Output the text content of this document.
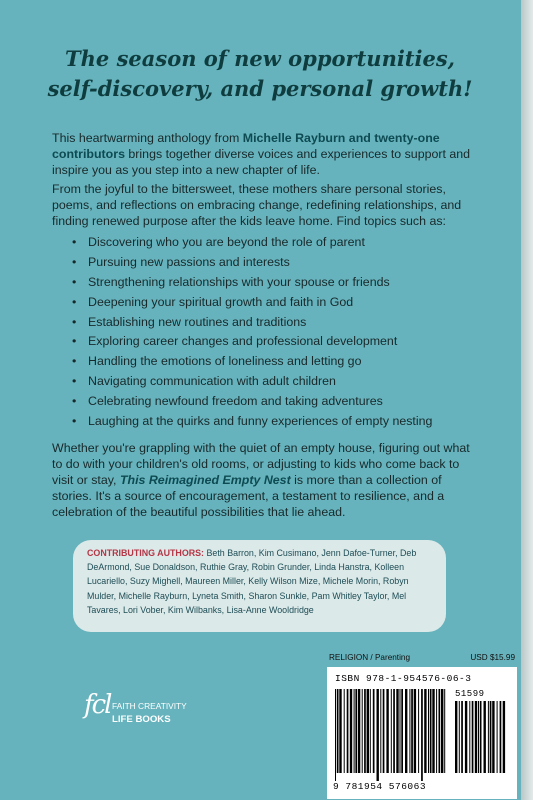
The season of new opportunities,
self-discovery, and personal growth!
This heartwarming anthology from Michelle Rayburn and twenty-one contributors brings together diverse voices and experiences to support and inspire you as you step into a new chapter of life.
From the joyful to the bittersweet, these mothers share personal stories, poems, and reflections on embracing change, redefining relationships, and finding renewed purpose after the kids leave home. Find topics such as:
• Discovering who you are beyond the role of parent
• Pursuing new passions and interests
• Strengthening relationships with your spouse or friends
• Deepening your spiritual growth and faith in God
• Establishing new routines and traditions
• Exploring career changes and professional development
• Handling the emotions of loneliness and letting go
• Navigating communication with adult children
• Celebrating newfound freedom and taking adventures
• Laughing at the quirks and funny experiences of empty nesting
Whether you're grappling with the quiet of an empty house, figuring out what to do with your children's old rooms, or adjusting to kids who come back to visit or stay, This Reimagined Empty Nest is more than a collection of stories. It's a source of encouragement, a testament to resilience, and a celebration of the beautiful possibilities that lie ahead.
CONTRIBUTING AUTHORS: Beth Barron, Kim Cusimano, Jenn Dafoe-Turner, Deb DeArmond, Sue Donaldson, Ruthie Gray, Robin Grunder, Linda Hanstra, Kolleen Lucariello, Suzy Mighell, Maureen Miller, Kelly Wilson Mize, Michele Morin, Robyn Mulder, Michelle Rayburn, Lyneta Smith, Sharon Sunkle, Pam Whitley Taylor, Mel Tavares, Lori Vober, Kim Wilbanks, Lisa-Anne Wooldridge
fcl FAITH CREATIVITY
LIFE BOOKS
RELIGION / Parenting	USD $15.99
ISBN 978-1-954576-06-3
51599
9 781954 576063
